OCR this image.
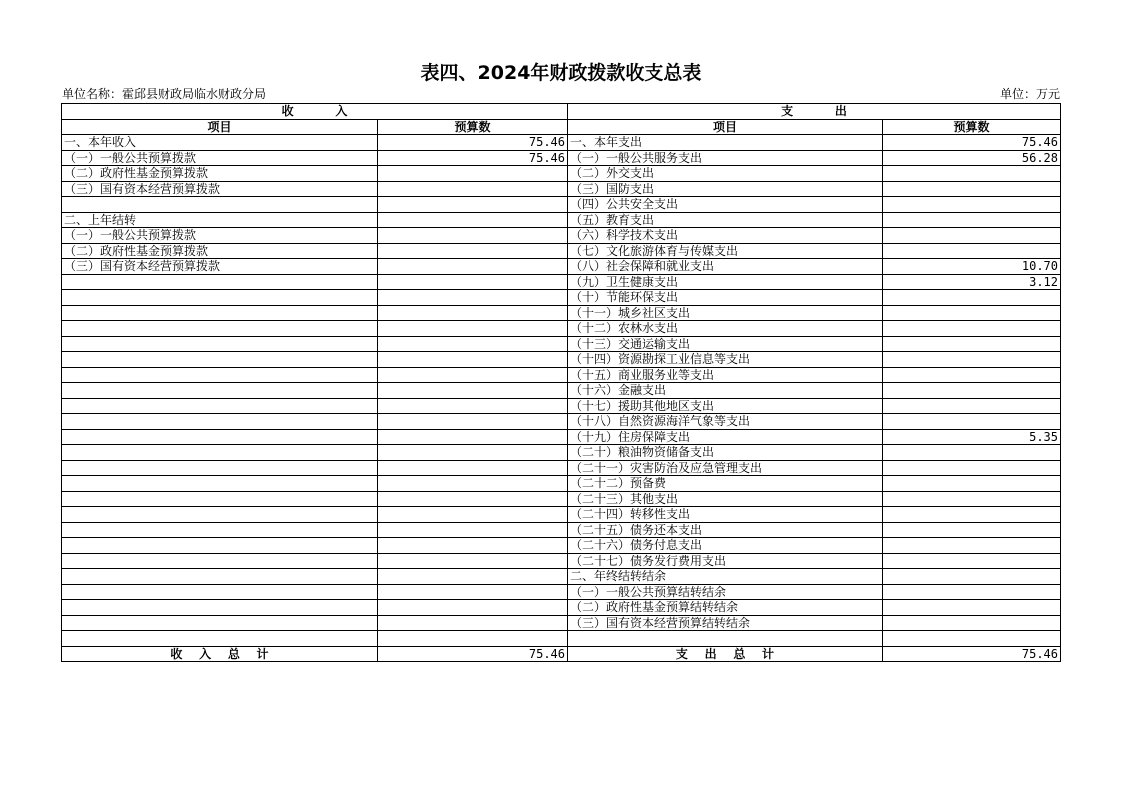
表四、2024年财政拨款收支总表
单位名称：霍邱县财政局临水财政分局	单位：万元
收          入		支          出	
项目	预算数	项目	预算数
一、本年收入	75.46	一、本年支出	75.46
（一）一般公共预算拨款	75.46	（一）一般公共服务支出	56.28
（二）政府性基金预算拨款		（二）外交支出	
（三）国有资本经营预算拨款		（三）国防支出	
		（四）公共安全支出	
二、上年结转		（五）教育支出	
（一）一般公共预算拨款		（六）科学技术支出	
（二）政府性基金预算拨款		（七）文化旅游体育与传媒支出	
（三）国有资本经营预算拨款		（八）社会保障和就业支出	10.70
		（九）卫生健康支出	3.12
		（十）节能环保支出	
		（十一）城乡社区支出	
		（十二）农林水支出	
		（十三）交通运输支出	
		（十四）资源勘探工业信息等支出	
		（十五）商业服务业等支出	
		（十六）金融支出	
		（十七）援助其他地区支出	
		（十八）自然资源海洋气象等支出	
		（十九）住房保障支出	5.35
		（二十）粮油物资储备支出	
		（二十一）灾害防治及应急管理支出	
		（二十二）预备费	
		（二十三）其他支出	
		（二十四）转移性支出	
		（二十五）债务还本支出	
		（二十六）债务付息支出	
		（二十七）债务发行费用支出	
		二、年终结转结余	
		（一）一般公共预算结转结余	
		（二）政府性基金预算结转结余	
		（三）国有资本经营预算结转结余	

收    入    总    计	75.46	支    出    总    计	75.46
